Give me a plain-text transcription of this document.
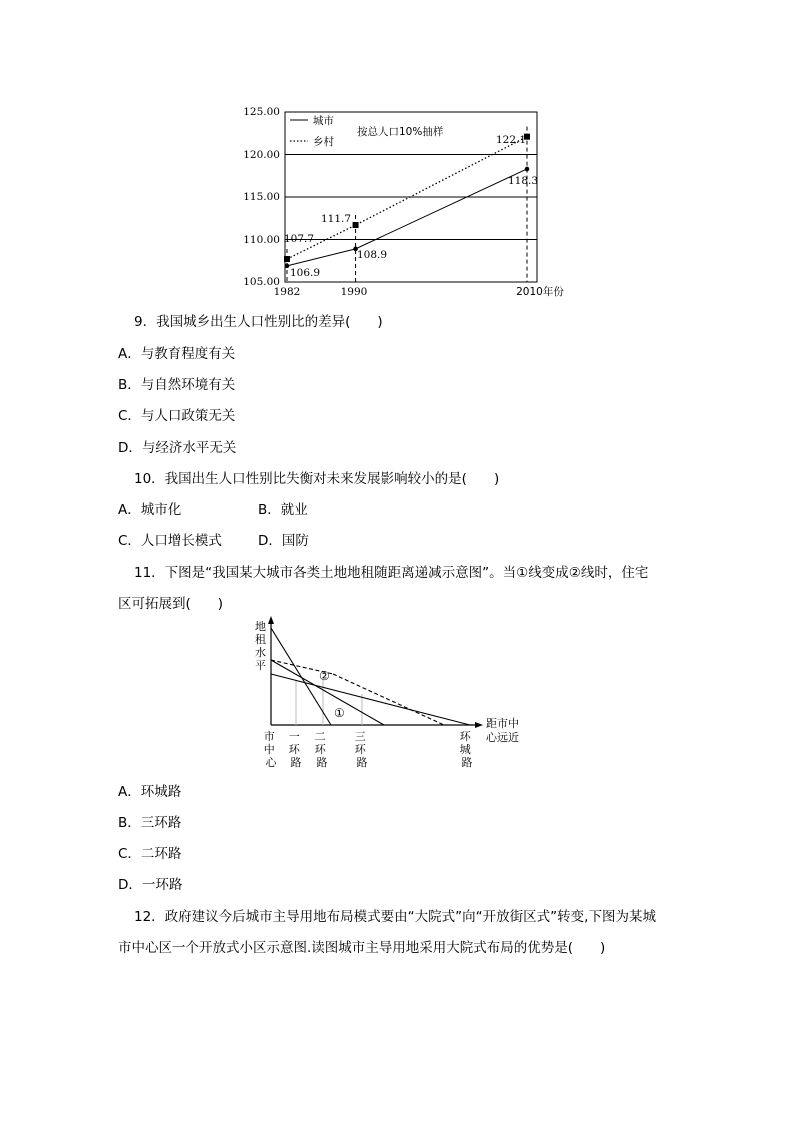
125.00
120.00
115.00
110.00
105.00
1982	1990	2010年份
城市
乡村
按总人口10%抽样
106.9
108.9
118.3
107.7
111.7
122.1
9．我国城乡出生人口性别比的差异(　　)
A．与教育程度有关
B．与自然环境有关
C．与人口政策无关
D．与经济水平无关
10．我国出生人口性别比失衡对未来发展影响较小的是(　　)
A．城市化	B．就业
C．人口增长模式	D．国防
11．下图是“我国某大城市各类土地地租随距离递减示意图”。当①线变成②线时，住宅
区可拓展到(　　)
②
①
地 租 水 平
距市中 心远近
市 中 心
一 环 路
二 环 路
三 环 路
环 城 路
A．环城路
B．三环路
C．二环路
D．一环路
12．政府建议今后城市主导用地布局模式要由“大院式”向“开放街区式”转变,下图为某城
市中心区一个开放式小区示意图.读图城市主导用地采用大院式布局的优势是(　　)
